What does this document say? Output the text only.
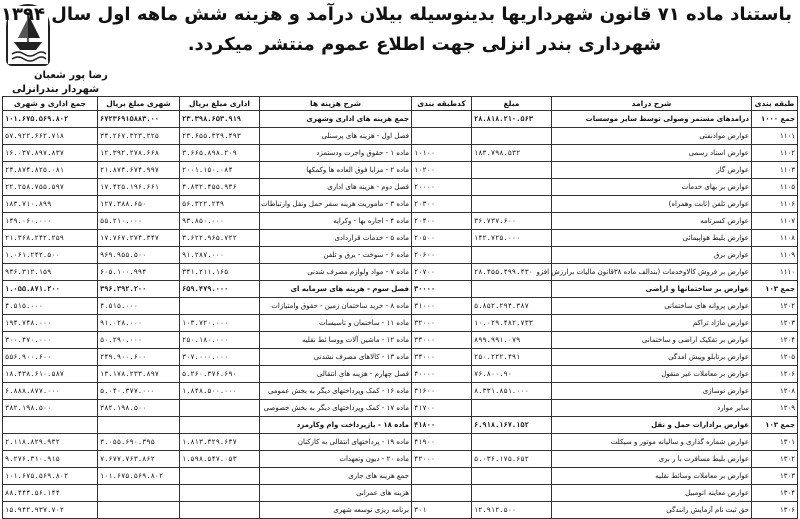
باستناد ماده ۷۱ قانون شهرداریها بدینوسیله بیلان درآمد و هزینه شش ماهه اول سال ۱۳۹۴
شهرداری بندر انزلی جهت اطلاع عموم منتشر میکردد.
رضا پور شعبان
شهردار بندرانزلی
طبقه بندی	شرح درامد	مبلغ	کدطبقه بندی	شرح هزینه ها	اداری مبلغ بریال	شهری مبلغ بریال	جمع اداری و شهری
جمع ۱۰۰۰	درامدهای مستمر وصولی توسط سایر موسسات	۲۸.۸۱۸.۲۱۰.۵۶۳		جمع هزینه های اداری وشهری	۲۳.۳۹۸.۶۵۳.۹۱۹	۶۷۲۳۶۹۱۵۸۸۳.۰۰	۱۰۱.۶۷۵.۵۶۹.۸۰۲
۱۱۰۱	عوارض موادنفتی			فصل اول - هزینه های پرسنلی	۲۳.۶۵۵.۳۲۹.۴۹۳	۳۴.۲۶۷.۳۲۳.۲۲۵	۵۷.۹۲۲.۶۶۲.۷۱۸
۱۱۰۲	عوارض اسناد رسمی	۱۸۳.۷۹۸.۵۳۲	۱۰۱۰۰	ماده ۱ - حقوق واجرت ودستمزد	۳.۶۶۵.۸۹۸.۲۰۹	۱۲.۳۹۲.۲۷۸.۶۶۸	۱۶.۰۳۷.۸۹۷.۸۳۷
۱۱۰۳	عوارض گاز		۱۰۲۰۰	ماده ۲ - مزایا فوق العاده ها وکمکها	۲۰۰۱.۱۵۰.۰۸۴	۲۱.۸۷۴.۶۷۴.۹۹۷	۲۴.۸۷۴.۸۲۵.۰۸۱
۱۱۰۵	عوارض بر بهای خدمات		۲۰۰۰۰	فصل دوم - هزینه های اداری	۴.۸۳۲.۴۵۵.۹۳۶	۱۷.۴۲۵.۱۹۶.۶۶۱	۲۲.۲۵۸.۷۵۵.۵۹۷
۱۱۰۶	عوارض تلفن (ثابت وهمراه)		۲۰۳۰۰	ماده ۳ - ماموریت هزینه سفر حمل ونقل وارتباطات	۵۶.۳۲۲.۲۴۹	۱۲۷.۳۸۸.۶۵۰	۱۸۳.۷۱۰.۸۹۹
۱۱۰۷	عوارض کسرتامه	۳۶.۷۳۷.۶۰۰	۲۰۴۰۰	ماده ۴ - اجاره بها - وکرایه	۹۳.۸۵۰.۰۰۰	۵۵.۲۱۰.۰۰۰	۱۴۹.۰۶۰.۰۰۰
۱۱۰۸	عوارض بلیط هواپیمائی	۱۴۲.۷۲۵.۰۰۰	۲۰۵۰۰	ماده ۵ - خدمات قراردادی	۳.۶۲۲.۹۶۵.۷۲۲	۱۷.۷۶۷.۲۷۴.۳۴۷	۲۱.۳۶۸.۲۴۲.۲۵۹
۱۱۰۹	عوارض برق		۲۰۶۰۰	ماده ۶ - سوخت - برق و تلفن	۹۱.۲۸۷.۰۰۰	۹۶۹.۹۵۵.۵۰۰	۱.۰۶۱.۲۴۲.۵۰۰
۱۱۱۰	عوارض بر فروش کالاوخدمات (بندالف ماده ۳۸قانون مالیات برارزش افزو	۲۸.۴۵۵.۴۹۹.۴۳۰	۲۰۷۰۰	ماده ۷ - مواد ولوازم مصرف شدنی	۳۴۱.۲۱۱.۱۶۵	۶۰۵.۱۰۰.۹۹۴	۹۴۶.۳۱۲.۱۵۹
جمع ۱۰۳	عوارض بر ساختمانها و اراضی		۳۰۰۰۰	فصل سوم - هزینه های سرمایه ای	۶۵۹.۴۷۹.۰۰۰	۳۹۶.۳۹۲.۲۰۰	۱.۰۵۵.۸۷۱.۲۰۰
۱۲۰۲	عوارض پروانه های ساختمانی	۵.۸۵۲.۲۹۴.۳۸۷	۳۱۰۰۰	ماده ۸ - خرید ساختمان زمین - حقوق وامتیازات		۴.۵۱۵.۰۰۰	۴.۵۱۵.۰۰۰
۱۲۰۳	عوارض ماژاد تراکم	۱۰.۰۲۹.۴۸۲.۷۳۳	۳۲۰۰۰	ماده ۱۱ - ساختمان و تاسیسات	۱۰۳.۷۲۰.۰۰۰	۹۱.۰۲۸.۰۰۰	۱۹۴.۷۴۸.۰۰۰
۱۲۰۴	عوارض بر تفکیک اراضی و ساختمانی	۸۹۹.۹۹۱.۰۷۹	۳۳۰۰۰	ماده ۱۲ - ماشین آلات ووسا ئط نقلیه	۲۵۰.۱۸۰.۰۰۰	۵۰.۲۹۰.۰۰۰	۳۰۰.۴۷۰.۰۰۰
۱۲۰۵	عوارض برتابلو وپیش امدگی	۲۵۰.۲۲۲.۴۹۱	۳۴۰۰۰	ماده ۱۳ - کالاهای مصرف نشدنی	۳۰۷.۰۰۰.۰۰۰	۲۴۹.۹۰۰.۶۰۰	۵۵۶.۹۰۰.۶۰۰
۱۲۰۶	عوارض بر معاملات غیر منقول	۷۶.۸۰۰.۹۰	۴۰۰۰۰	فصل چهارم - هزینه های انتقالی	۵.۲۶۰.۳۷۶.۶۹۰	۱۳.۱۷۸.۲۳۳.۸۹۷	۱۸.۴۳۸.۶۱۰.۵۸۷
۱۲۰۸	عوارض نوسازی	۸.۳۳۱.۸۵۱.۰۰۰	۴۱۶۰۰	ماده ۱۶ - کمک وپرداختهای دیگر به بخش عمومی	۱.۸۴۸.۵۰۰.۰۰۰	۵.۰۴۰.۳۷۷.۰۰۰	۶.۸۸۸.۸۷۷.۰۰۰
۱۲۰۹	سایر موارد		۴۱۷۰۰	ماده ۱۷ - کمک وپرداختهای دیگر به بخش خصوصی		۳۸۲.۱۹۸.۵۰۰	۳۸۲.۱۹۸.۵۰۰
جمع ۱۰۳	عوارض برادارات حمل و نقل	۶.۹۱۸.۱۶۷.۱۵۲	۴۱۸۰۰	ماده ۱۸ - بازپرداخت وام وکارمزد			
۱۳۰۱	عوارض شماره گذاری و سالیانه موتور و سیکلت		۴۱۹۰۰	ماده ۱۹ - پرداختهای انتقالی به کارکنان	۱.۸۱۳.۳۲۹.۶۳۷	۳.۰۵۵.۶۹۰.۳۹۵	۲.۱۱۸.۸۲۹.۹۳۲
۱۳۰۲	عوارض بلیط مسافرت با ر بری	۵.۰۳۶.۱۷۵.۶۵۲	۴۲۰۰۰	ماده ۲۰ - دیون وتعهدات	۱.۵۹۸.۵۴۷.۰۵۳	۷.۶۷۷.۷۶۳.۸۶۲	۹.۲۷۶.۳۱۰.۹۱۵
۱۳۰۳	عوارض بر معاملات وسائط نقلیه			جمع هزینه های جاری		۱۰۱.۶۷۵.۵۶۹.۸۰۲	۱۰۱.۶۷۵.۵۶۹.۸۰۲
۱۳۰۴	عوارض معاینه اتومبیل			هزینه های عمرانی			۸۸.۴۴۴.۵۶.۱۴۴
۱۳۰۶	حق ثبت نام آزمایش رانندگی	۱۲.۹۱۲.۵۰۰	۳۰۱	برنامه ریزی توسعه شهری			۱۵.۹۴۲.۹۳۷.۷۰۲
